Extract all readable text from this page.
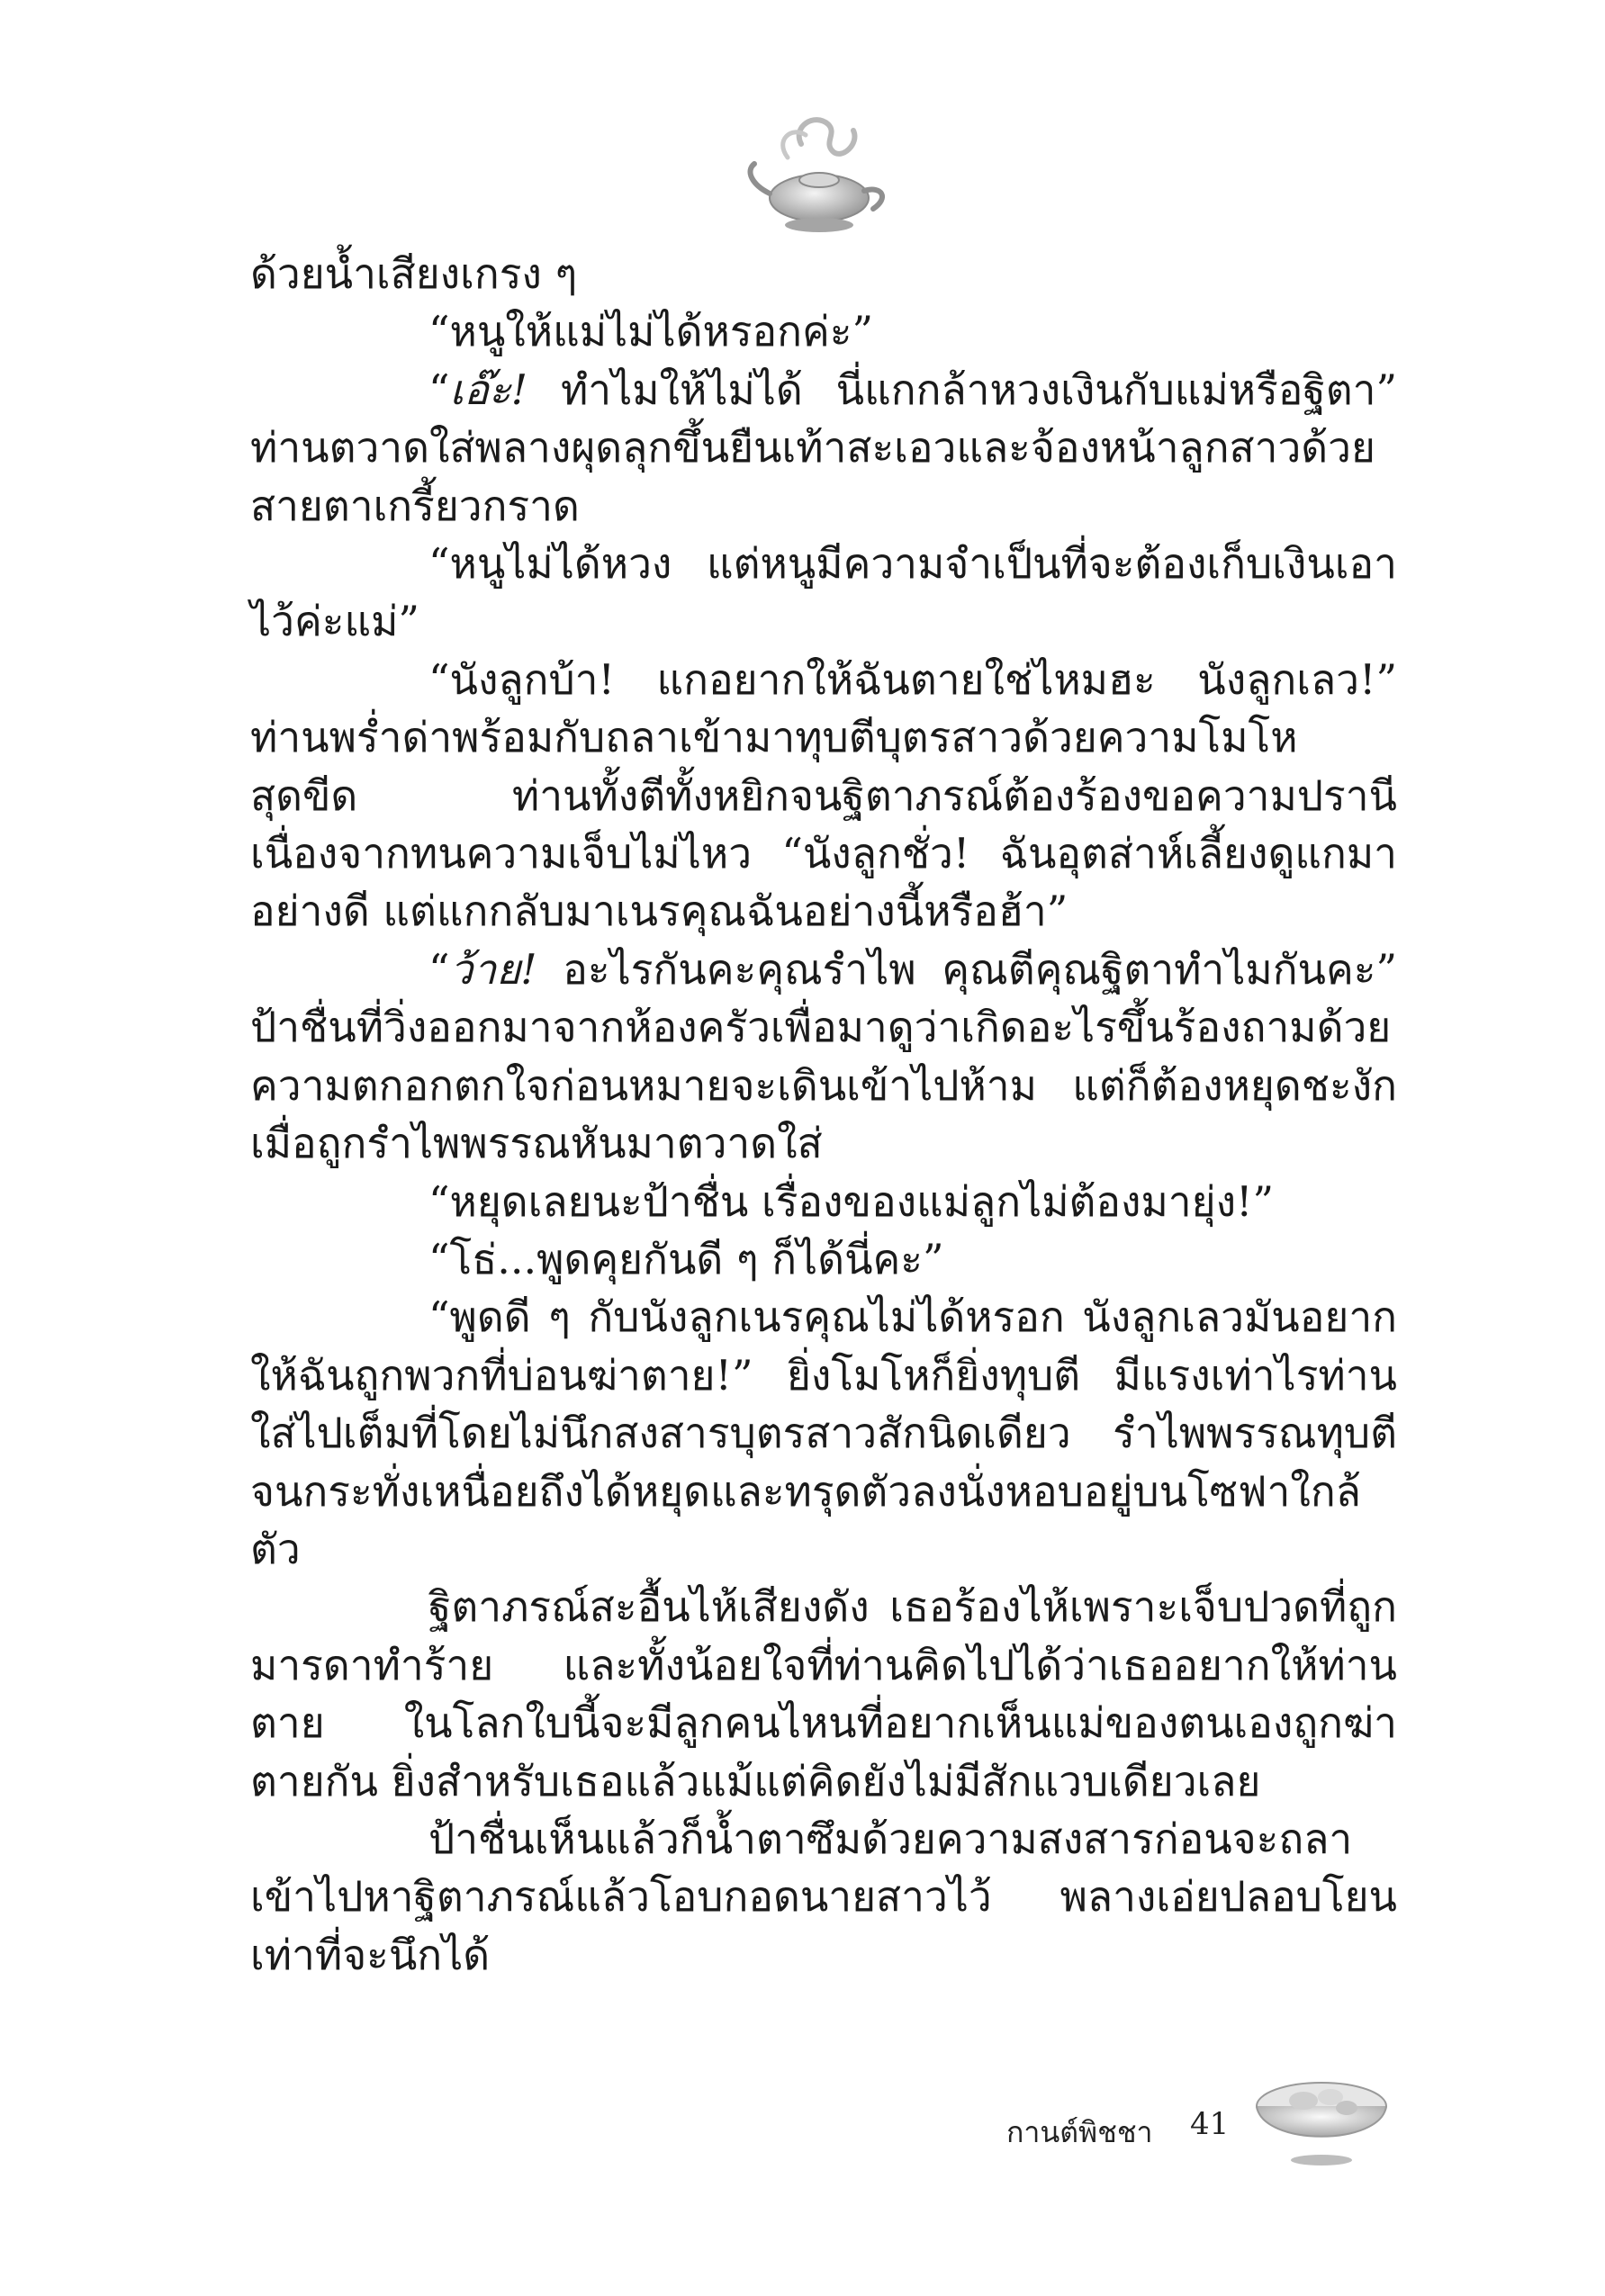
ด้วยน้ำเสียงเกรง ๆ

“หนูให้แม่ไม่ได้หรอกค่ะ”

“เอ๊ะ! ทำไมให้ไม่ได้ นี่แกกล้าหวงเงินกับแม่หรือฐิตา” ท่านตวาดใส่พลางผุดลุกขึ้นยืนเท้าสะเอวและจ้องหน้าลูกสาวด้วยสายตาเกรี้ยวกราด

“หนูไม่ได้หวง แต่หนูมีความจำเป็นที่จะต้องเก็บเงินเอาไว้ค่ะแม่”

“นังลูกบ้า! แกอยากให้ฉันตายใช่ไหมฮะ นังลูกเลว!” ท่านพร่ำด่าพร้อมกับถลาเข้ามาทุบตีบุตรสาวด้วยความโมโหสุดขีด ท่านทั้งตีทั้งหยิกจนฐิตาภรณ์ต้องร้องขอความปรานี เนื่องจากทนความเจ็บไม่ไหว “นังลูกชั่ว! ฉันอุตส่าห์เลี้ยงดูแกมาอย่างดี แต่แกกลับมาเนรคุณฉันอย่างนี้หรือฮ้า”

“ว้าย! อะไรกันคะคุณรำไพ คุณตีคุณฐิตาทำไมกันคะ” ป้าชื่นที่วิ่งออกมาจากห้องครัวเพื่อมาดูว่าเกิดอะไรขึ้นร้องถามด้วยความตกอกตกใจก่อนหมายจะเดินเข้าไปห้าม แต่ก็ต้องหยุดชะงักเมื่อถูกรำไพพรรณหันมาตวาดใส่

“หยุดเลยนะป้าชื่น เรื่องของแม่ลูกไม่ต้องมายุ่ง!”

“โธ่...พูดคุยกันดี ๆ ก็ได้นี่คะ”

“พูดดี ๆ กับนังลูกเนรคุณไม่ได้หรอก นังลูกเลวมันอยากให้ฉันถูกพวกที่บ่อนฆ่าตาย!” ยิ่งโมโหก็ยิ่งทุบตี มีแรงเท่าไรท่านใส่ไปเต็มที่โดยไม่นึกสงสารบุตรสาวสักนิดเดียว รำไพพรรณทุบตีจนกระทั่งเหนื่อยถึงได้หยุดและทรุดตัวลงนั่งหอบอยู่บนโซฟาใกล้ตัว

ฐิตาภรณ์สะอื้นไห้เสียงดัง เธอร้องไห้เพราะเจ็บปวดที่ถูกมารดาทำร้าย และทั้งน้อยใจที่ท่านคิดไปได้ว่าเธออยากให้ท่านตาย ในโลกใบนี้จะมีลูกคนไหนที่อยากเห็นแม่ของตนเองถูกฆ่าตายกัน ยิ่งสำหรับเธอแล้วแม้แต่คิดยังไม่มีสักแวบเดียวเลย

ป้าชื่นเห็นแล้วก็น้ำตาซึมด้วยความสงสารก่อนจะถลาเข้าไปหาฐิตาภรณ์แล้วโอบกอดนายสาวไว้ พลางเอ่ยปลอบโยนเท่าที่จะนึกได้

กานต์พิชชา 41
